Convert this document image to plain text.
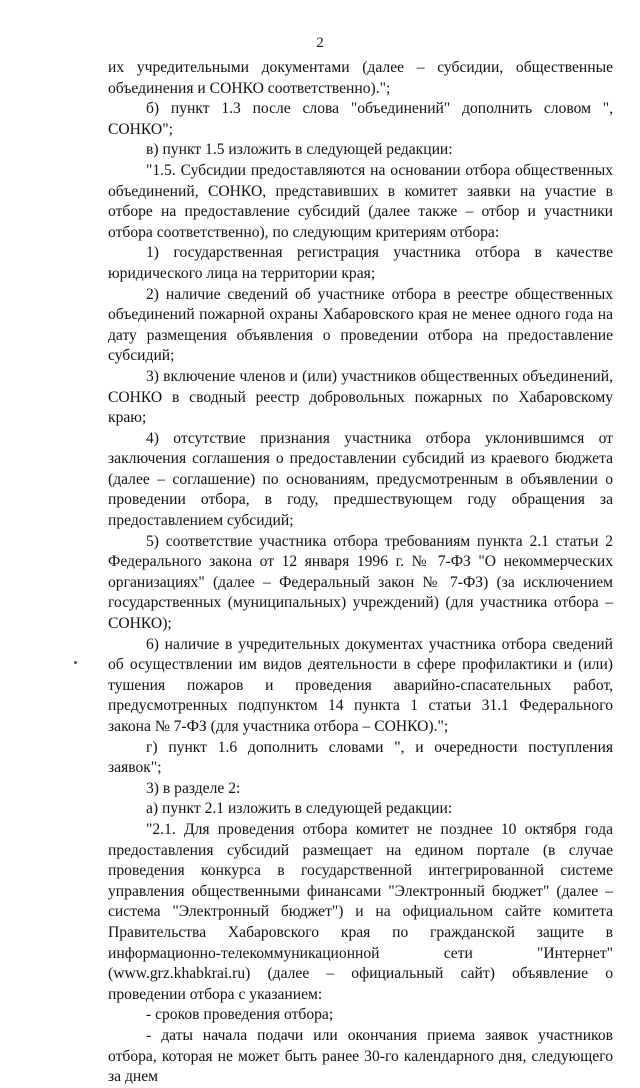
2

их учредительными документами (далее – субсидии, общественные объединения и СОНКО соответственно).";

б) пункт 1.3 после слова "объединений" дополнить словом ", СОНКО";

в) пункт 1.5 изложить в следующей редакции:

"1.5. Субсидии предоставляются на основании отбора общественных объединений, СОНКО, представивших в комитет заявки на участие в отборе на предоставление субсидий (далее также – отбор и участники отбора соответственно), по следующим критериям отбора:

1) государственная регистрация участника отбора в качестве юридического лица на территории края;

2) наличие сведений об участнике отбора в реестре общественных объединений пожарной охраны Хабаровского края не менее одного года на дату размещения объявления о проведении отбора на предоставление субсидий;

3) включение членов и (или) участников общественных объединений, СОНКО в сводный реестр добровольных пожарных по Хабаровскому краю;

4) отсутствие признания участника отбора уклонившимся от заключения соглашения о предоставлении субсидий из краевого бюджета (далее – соглашение) по основаниям, предусмотренным в объявлении о проведении отбора, в году, предшествующем году обращения за предоставлением субсидий;

5) соответствие участника отбора требованиям пункта 2.1 статьи 2 Федерального закона от 12 января 1996 г. № 7-ФЗ "О некоммерческих организациях" (далее – Федеральный закон № 7-ФЗ) (за исключением государственных (муниципальных) учреждений) (для участника отбора – СОНКО);

6) наличие в учредительных документах участника отбора сведений об осуществлении им видов деятельности в сфере профилактики и (или) тушения пожаров и проведения аварийно-спасательных работ, предусмотренных подпунктом 14 пункта 1 статьи 31.1 Федерального закона № 7-ФЗ (для участника отбора – СОНКО).";

г) пункт 1.6 дополнить словами ", и очередности поступления заявок";

3) в разделе 2:

а) пункт 2.1 изложить в следующей редакции:

"2.1. Для проведения отбора комитет не позднее 10 октября года предоставления субсидий размещает на едином портале (в случае проведения конкурса в государственной интегрированной системе управления общественными финансами "Электронный бюджет" (далее – система "Электронный бюджет") и на официальном сайте комитета Правительства Хабаровского края по гражданской защите в информационно-телекоммуникационной сети "Интернет" (www.grz.khabkrai.ru) (далее – официальный сайт) объявление о проведении отбора с указанием:

- сроков проведения отбора;

- даты начала подачи или окончания приема заявок участников отбора, которая не может быть ранее 30-го календарного дня, следующего за днем
